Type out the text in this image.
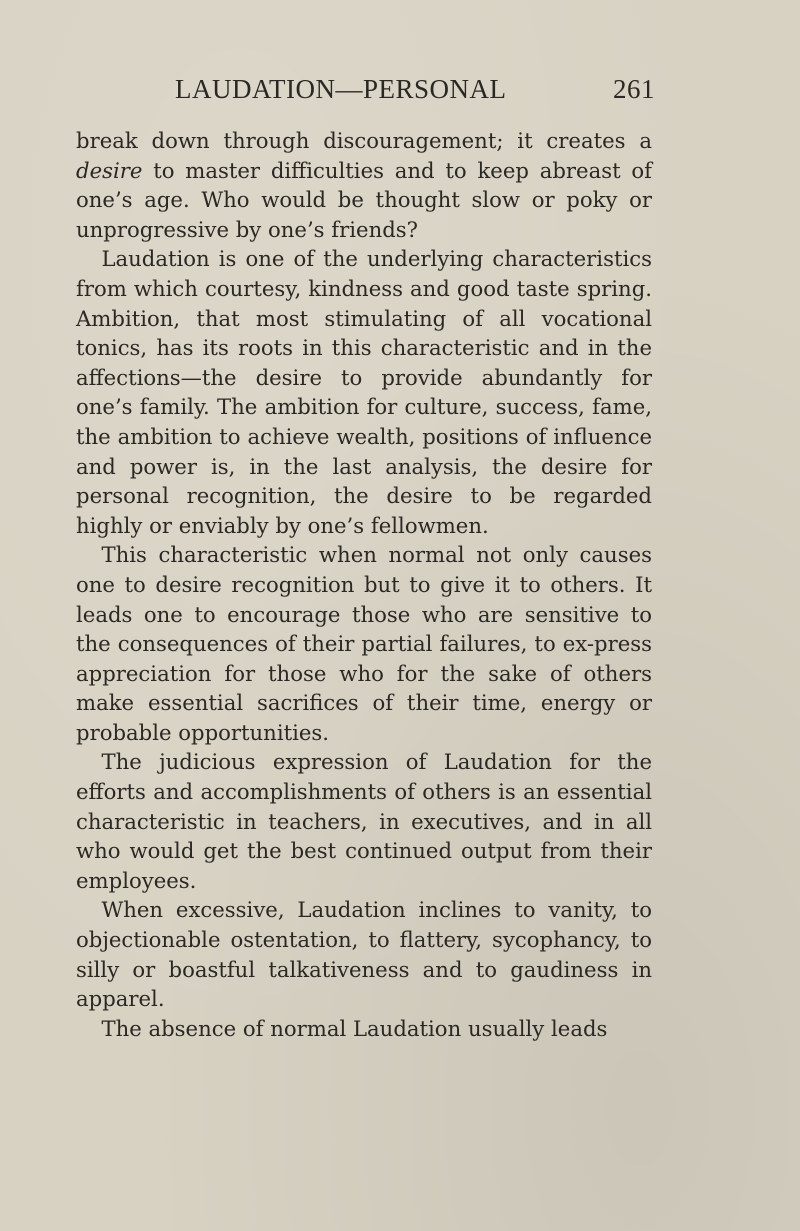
LAUDATION—PERSONAL	261

break down through discouragement; it creates a desire to master difficulties and to keep abreast of one’s age. Who would be thought slow or poky or unprogressive by one’s friends?

Laudation is one of the underlying characteristics from which courtesy, kindness and good taste spring. Ambition, that most stimulating of all vocational tonics, has its roots in this characteristic and in the affections—the desire to provide abundantly for one’s family. The ambition for culture, success, fame, the ambition to achieve wealth, positions of influence and power is, in the last analysis, the desire for personal recognition, the desire to be regarded highly or enviably by one’s fellowmen.

This characteristic when normal not only causes one to desire recognition but to give it to others. It leads one to encourage those who are sensitive to the consequences of their partial failures, to ex-press appreciation for those who for the sake of others make essential sacrifices of their time, energy or probable opportunities.

The judicious expression of Laudation for the efforts and accomplishments of others is an essential characteristic in teachers, in executives, and in all who would get the best continued output from their employees.

When excessive, Laudation inclines to vanity, to objectionable ostentation, to flattery, sycophancy, to silly or boastful talkativeness and to gaudiness in apparel.

The absence of normal Laudation usually leads
